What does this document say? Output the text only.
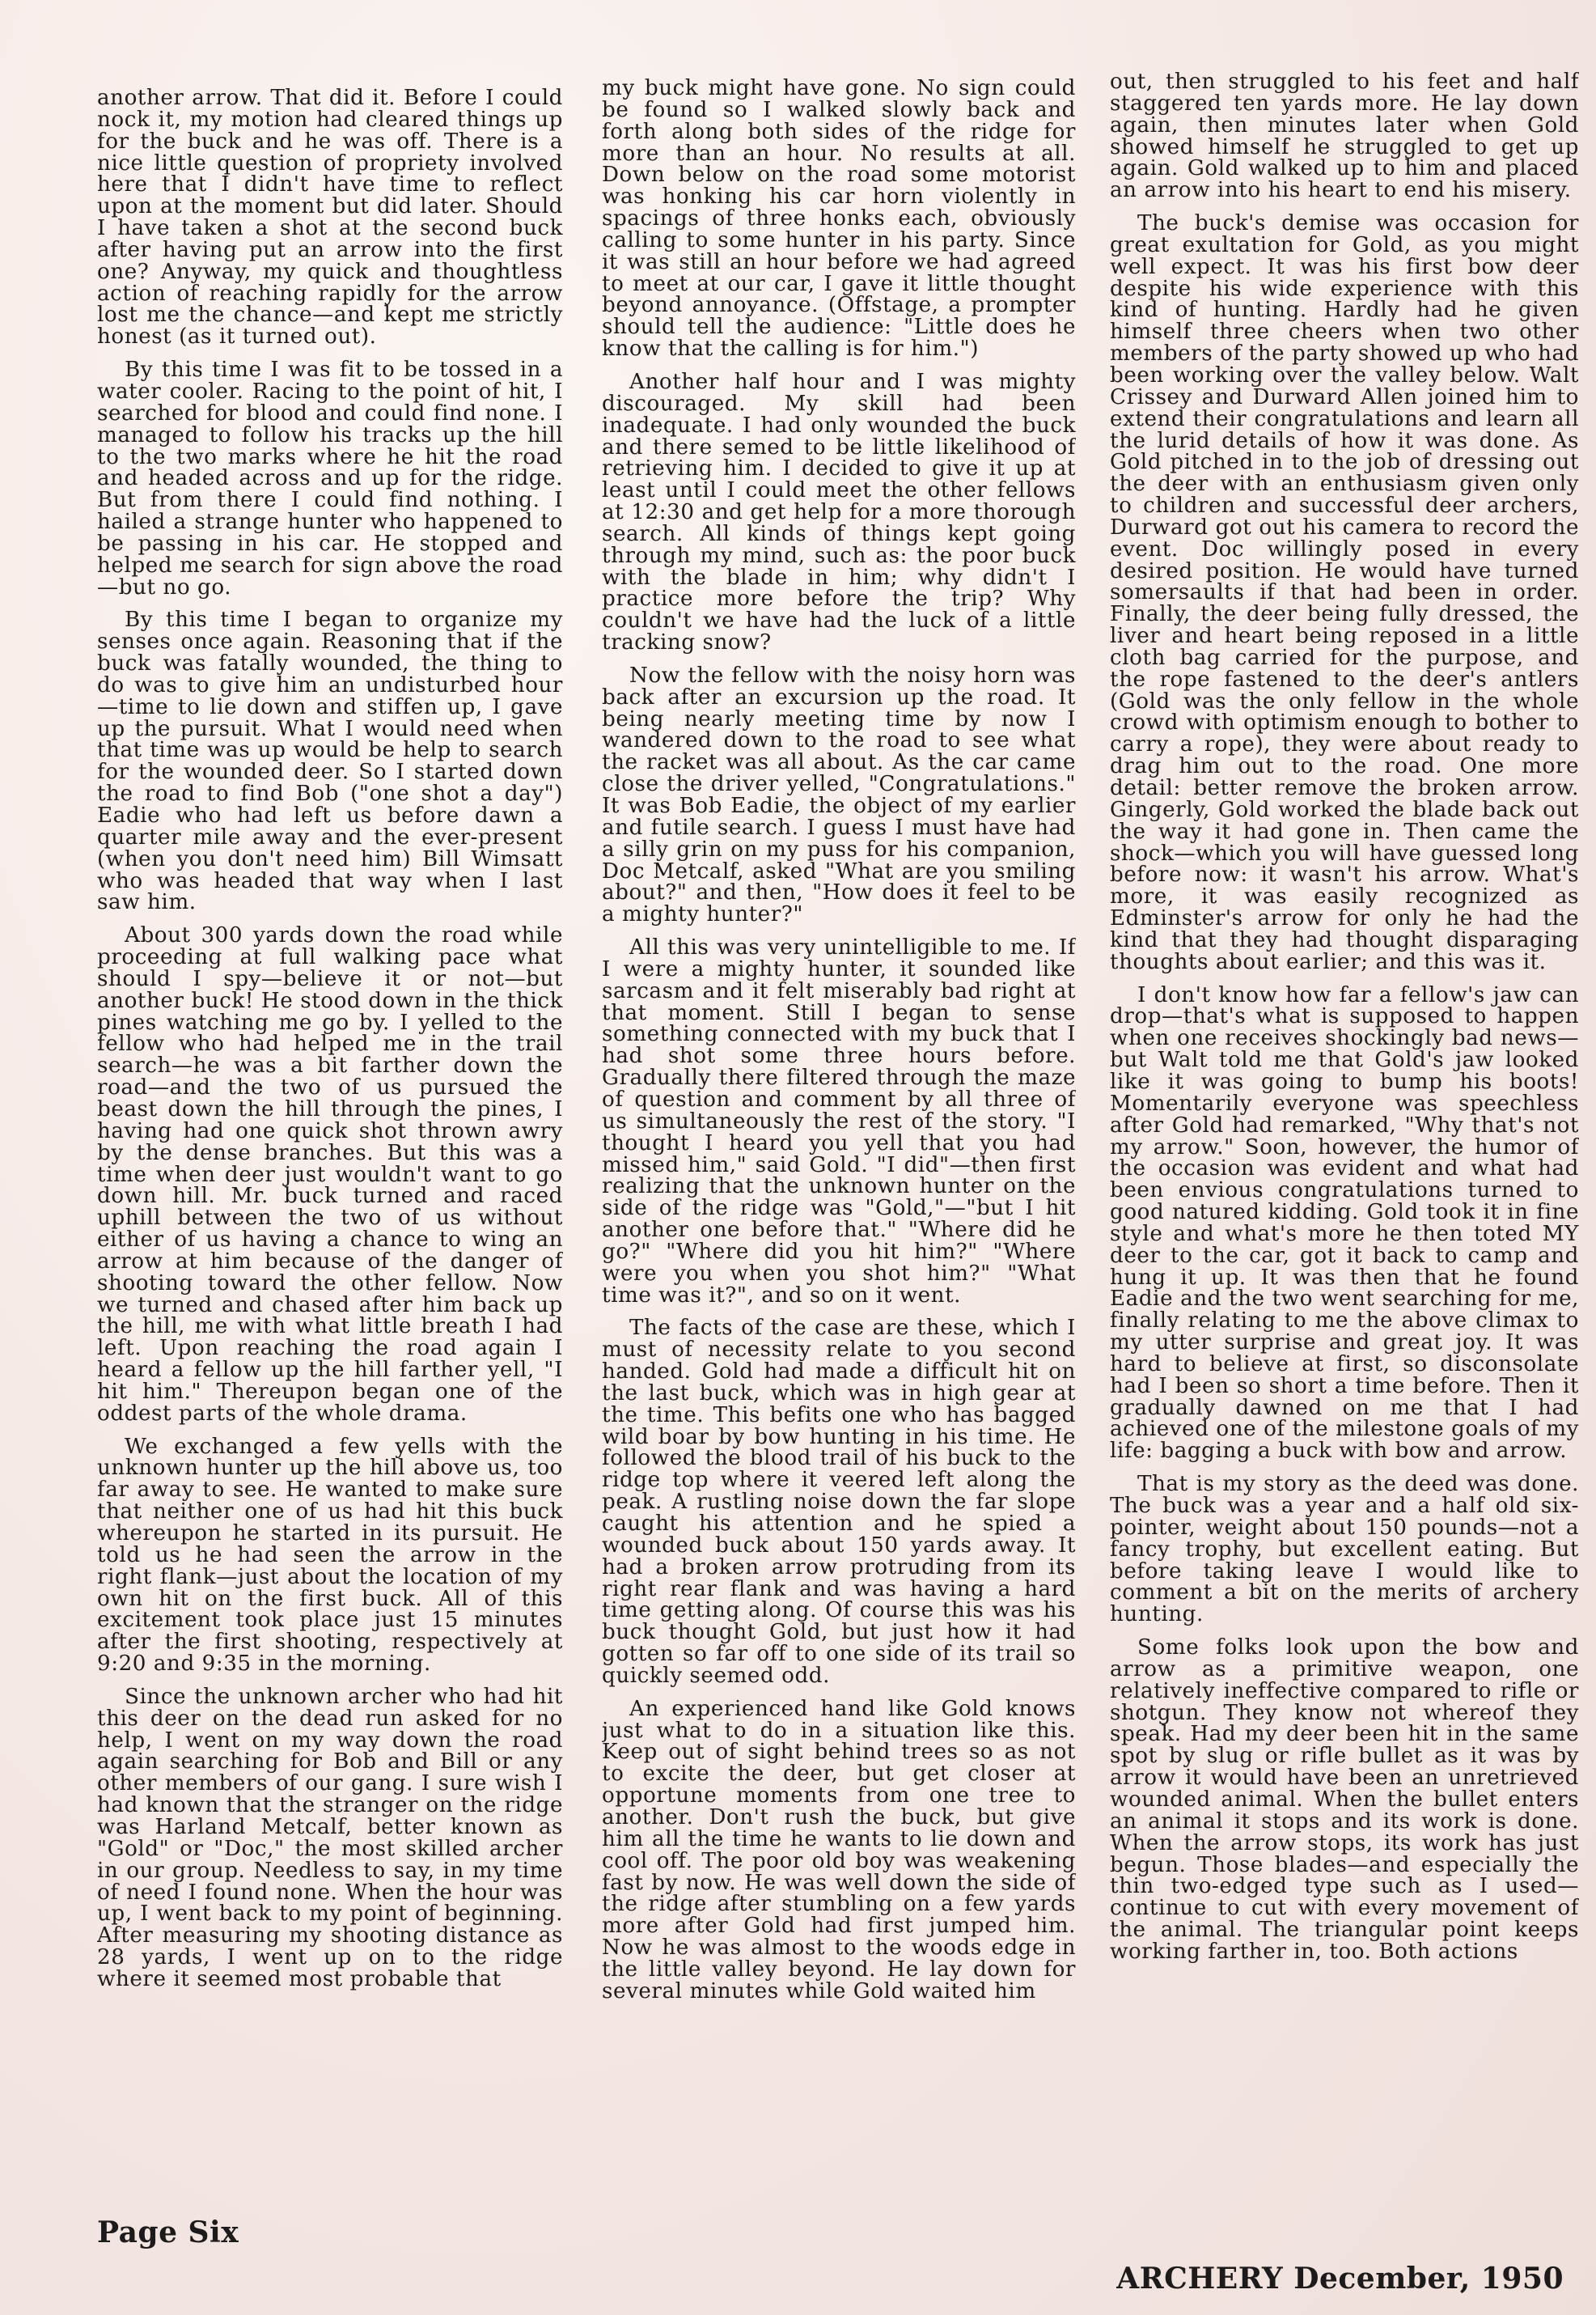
another arrow. That did it. Before I could nock it, my motion had cleared things up for the buck and he was off. There is a nice little question of propriety involved here that I didn't have time to reflect upon at the moment but did later. Should I have taken a shot at the second buck after having put an arrow into the first one? Anyway, my quick and thoughtless action of reaching rapidly for the arrow lost me the chance—and kept me strictly honest (as it turned out).

By this time I was fit to be tossed in a water cooler. Racing to the point of hit, I searched for blood and could find none. I managed to follow his tracks up the hill to the two marks where he hit the road and headed across and up for the ridge. But from there I could find nothing. I hailed a strange hunter who happened to be passing in his car. He stopped and helped me search for sign above the road—but no go.

By this time I began to organize my senses once again. Reasoning that if the buck was fatally wounded, the thing to do was to give him an undisturbed hour—time to lie down and stiffen up, I gave up the pursuit. What I would need when that time was up would be help to search for the wounded deer. So I started down the road to find Bob ("one shot a day") Eadie who had left us before dawn a quarter mile away and the ever-present (when you don't need him) Bill Wimsatt who was headed that way when I last saw him.

About 300 yards down the road while proceeding at full walking pace what should I spy—believe it or not—but another buck! He stood down in the thick pines watching me go by. I yelled to the fellow who had helped me in the trail search—he was a bit farther down the road—and the two of us pursued the beast down the hill through the pines, I having had one quick shot thrown awry by the dense branches. But this was a time when deer just wouldn't want to go down hill. Mr. buck turned and raced uphill between the two of us without either of us having a chance to wing an arrow at him because of the danger of shooting toward the other fellow. Now we turned and chased after him back up the hill, me with what little breath I had left. Upon reaching the road again I heard a fellow up the hill farther yell, "I hit him." Thereupon began one of the oddest parts of the whole drama.

We exchanged a few yells with the unknown hunter up the hill above us, too far away to see. He wanted to make sure that neither one of us had hit this buck whereupon he started in its pursuit. He told us he had seen the arrow in the right flank—just about the location of my own hit on the first buck. All of this excitement took place just 15 minutes after the first shooting, respectively at 9:20 and 9:35 in the morning.

Since the unknown archer who had hit this deer on the dead run asked for no help, I went on my way down the road again searching for Bob and Bill or any other members of our gang. I sure wish I had known that the stranger on the ridge was Harland Metcalf, better known as "Gold" or "Doc," the most skilled archer in our group. Needless to say, in my time of need I found none. When the hour was up, I went back to my point of beginning. After measuring my shooting distance as 28 yards, I went up on to the ridge where it seemed most probable that

my buck might have gone. No sign could be found so I walked slowly back and forth along both sides of the ridge for more than an hour. No results at all. Down below on the road some motorist was honking his car horn violently in spacings of three honks each, obviously calling to some hunter in his party. Since it was still an hour before we had agreed to meet at our car, I gave it little thought beyond annoyance. (Offstage, a prompter should tell the audience: "Little does he know that the calling is for him.")

Another half hour and I was mighty discouraged. My skill had been inadequate. I had only wounded the buck and there semed to be little likelihood of retrieving him. I decided to give it up at least until I could meet the other fellows at 12:30 and get help for a more thorough search. All kinds of things kept going through my mind, such as: the poor buck with the blade in him; why didn't I practice more before the trip? Why couldn't we have had the luck of a little tracking snow?

Now the fellow with the noisy horn was back after an excursion up the road. It being nearly meeting time by now I wandered down to the road to see what the racket was all about. As the car came close the driver yelled, "Congratulations." It was Bob Eadie, the object of my earlier and futile search. I guess I must have had a silly grin on my puss for his companion, Doc Metcalf, asked "What are you smiling about?" and then, "How does it feel to be a mighty hunter?"

All this was very unintelligible to me. If I were a mighty hunter, it sounded like sarcasm and it felt miserably bad right at that moment. Still I began to sense something connected with my buck that I had shot some three hours before. Gradually there filtered through the maze of question and comment by all three of us simultaneously the rest of the story. "I thought I heard you yell that you had missed him," said Gold. "I did"—then first realizing that the unknown hunter on the side of the ridge was "Gold,"—"but I hit another one before that." "Where did he go?" "Where did you hit him?" "Where were you when you shot him?" "What time was it?", and so on it went.

The facts of the case are these, which I must of necessity relate to you second handed. Gold had made a difficult hit on the last buck, which was in high gear at the time. This befits one who has bagged wild boar by bow hunting in his time. He followed the blood trail of his buck to the ridge top where it veered left along the peak. A rustling noise down the far slope caught his attention and he spied a wounded buck about 150 yards away. It had a broken arrow protruding from its right rear flank and was having a hard time getting along. Of course this was his buck thought Gold, but just how it had gotten so far off to one side of its trail so quickly seemed odd.

An experienced hand like Gold knows just what to do in a situation like this. Keep out of sight behind trees so as not to excite the deer, but get closer at opportune moments from one tree to another. Don't rush the buck, but give him all the time he wants to lie down and cool off. The poor old boy was weakening fast by now. He was well down the side of the ridge after stumbling on a few yards more after Gold had first jumped him. Now he was almost to the woods edge in the little valley beyond. He lay down for several minutes while Gold waited him

out, then struggled to his feet and half staggered ten yards more. He lay down again, then minutes later when Gold showed himself he struggled to get up again. Gold walked up to him and placed an arrow into his heart to end his misery.

The buck's demise was occasion for great exultation for Gold, as you might well expect. It was his first bow deer despite his wide experience with this kind of hunting. Hardly had he given himself three cheers when two other members of the party showed up who had been working over the valley below. Walt Crissey and Durward Allen joined him to extend their congratulations and learn all the lurid details of how it was done. As Gold pitched in to the job of dressing out the deer with an enthusiasm given only to children and successful deer archers, Durward got out his camera to record the event. Doc willingly posed in every desired position. He would have turned somersaults if that had been in order. Finally, the deer being fully dressed, the liver and heart being reposed in a little cloth bag carried for the purpose, and the rope fastened to the deer's antlers (Gold was the only fellow in the whole crowd with optimism enough to bother to carry a rope), they were about ready to drag him out to the road. One more detail: better remove the broken arrow. Gingerly, Gold worked the blade back out the way it had gone in. Then came the shock—which you will have guessed long before now: it wasn't his arrow. What's more, it was easily recognized as Edminster's arrow for only he had the kind that they had thought disparaging thoughts about earlier; and this was it.

I don't know how far a fellow's jaw can drop—that's what is supposed to happen when one receives shockingly bad news—but Walt told me that Gold's jaw looked like it was going to bump his boots! Momentarily everyone was speechless after Gold had remarked, "Why that's not my arrow." Soon, however, the humor of the occasion was evident and what had been envious congratulations turned to good natured kidding. Gold took it in fine style and what's more he then toted MY deer to the car, got it back to camp and hung it up. It was then that he found Eadie and the two went searching for me, finally relating to me the above climax to my utter surprise and great joy. It was hard to believe at first, so disconsolate had I been so short a time before. Then it gradually dawned on me that I had achieved one of the milestone goals of my life: bagging a buck with bow and arrow.

That is my story as the deed was done. The buck was a year and a half old six-pointer, weight about 150 pounds—not a fancy trophy, but excellent eating. But before taking leave I would like to comment a bit on the merits of archery hunting.

Some folks look upon the bow and arrow as a primitive weapon, one relatively ineffective compared to rifle or shotgun. They know not whereof they speak. Had my deer been hit in the same spot by slug or rifle bullet as it was by arrow it would have been an unretrieved wounded animal. When the bullet enters an animal it stops and its work is done. When the arrow stops, its work has just begun. Those blades—and especially the thin two-edged type such as I used—continue to cut with every movement of the animal. The triangular point keeps working farther in, too. Both actions

Page Six
ARCHERY December, 1950
